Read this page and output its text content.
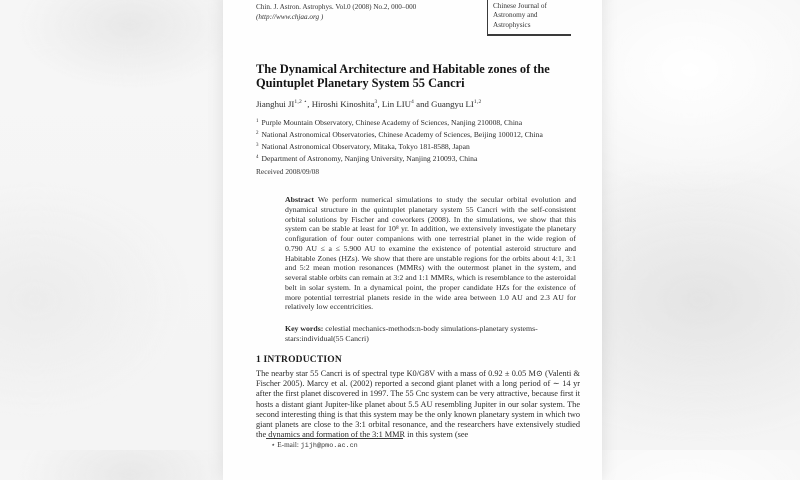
Chin. J. Astron. Astrophys. Vol.0 (2008) No.2, 000–000
(http://www.chjaa.org )
Chinese Journal of
Astronomy and
Astrophysics
The Dynamical Architecture and Habitable zones of the
Quintuplet Planetary System 55 Cancri
Jianghui $JI^{1,2 ⋆}$, Hiroshi Kinoshita$^3$, Lin LIU$^4$ and Guangyu LI$^{1,2}$
$^1$ Purple Mountain Observatory, Chinese Academy of Sciences, Nanjing 210008, China
$^2$ National Astronomical Observatories, Chinese Academy of Sciences, Beijing 100012, China
$^3$ National Astronomical Observatory, Mitaka, Tokyo 181-8588, Japan
$^4$ Department of Astronomy, Nanjing University, Nanjing 210093, China
Received 2008/09/08
Abstract We perform numerical simulations to study the secular orbital evolution and dynamical structure in the quintuplet planetary system 55 Cancri with the self-consistent orbital solutions by Fischer and coworkers (2008). In the simulations, we show that this system can be stable at least for 10⁸ yr. In addition, we extensively investigate the planetary configuration of four outer companions with one terrestrial planet in the wide region of 0.790 AU ≤ a ≤ 5.900 AU to examine the existence of potential asteroid structure and Habitable Zones (HZs). We show that there are unstable regions for the orbits about 4:1, 3:1 and 5:2 mean motion resonances (MMRs) with the outermost planet in the system, and several stable orbits can remain at 3:2 and 1:1 MMRs, which is resemblance to the asteroidal belt in solar system. In a dynamical point, the proper candidate HZs for the existence of more potential terrestrial planets reside in the wide area between 1.0 AU and 2.3 AU for relatively low eccentricities.
Key words: celestial mechanics-methods:n-body simulations-planetary systems-stars:individual(55 Cancri)
1 INTRODUCTION
The nearby star 55 Cancri is of spectral type K0/G8V with a mass of 0.92 ± 0.05 M⊙ (Valenti & Fischer 2005). Marcy et al. (2002) reported a second giant planet with a long period of ∼ 14 yr after the first planet discovered in 1997. The 55 Cnc system can be very attractive, because first it hosts a distant giant Jupiter-like planet about 5.5 AU resembling Jupiter in our solar system. The second interesting thing is that this system may be the only known planetary system in which two giant planets are close to the 3:1 orbital resonance, and the researchers have extensively studied the dynamics and formation of the 3:1 MMR in this system (see
⋆ E-mail: jijh@pmo.ac.cn
